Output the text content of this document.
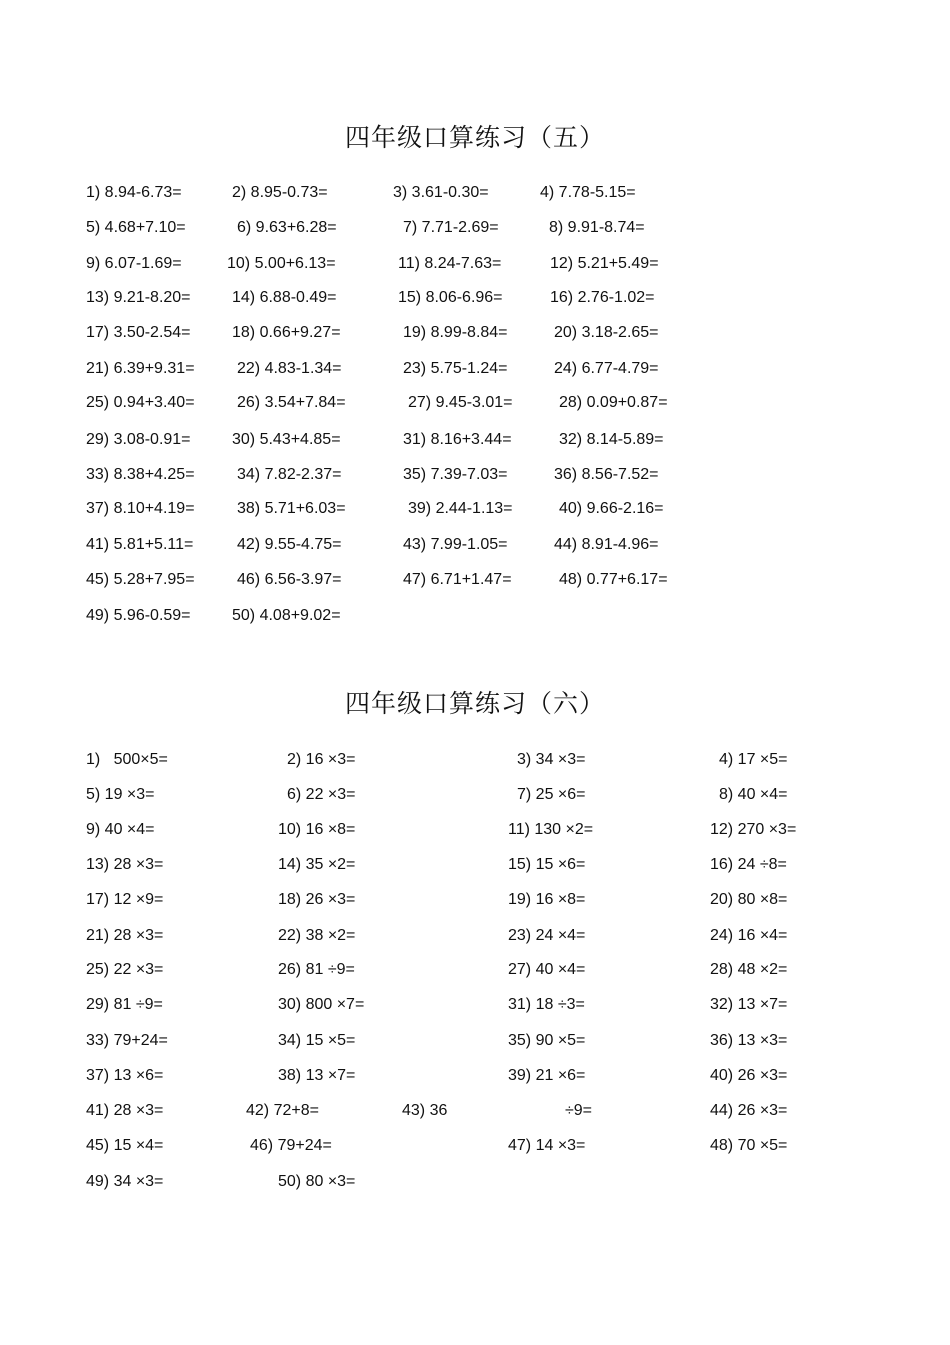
四年级口算练习（五）
1) 8.94-6.73=	2) 8.95-0.73=	3) 3.61-0.30=	4) 7.78-5.15=
5) 4.68+7.10=	6) 9.63+6.28=	7) 7.71-2.69=	8) 9.91-8.74=
9) 6.07-1.69=	10) 5.00+6.13=	11) 8.24-7.63=	12) 5.21+5.49=
13) 9.21-8.20=	14) 6.88-0.49=	15) 8.06-6.96=	16) 2.76-1.02=
17) 3.50-2.54=	18) 0.66+9.27=	19) 8.99-8.84=	20) 3.18-2.65=
21) 6.39+9.31=	22) 4.83-1.34=	23) 5.75-1.24=	24) 6.77-4.79=
25) 0.94+3.40=	26) 3.54+7.84=	27) 9.45-3.01=	28) 0.09+0.87=
29) 3.08-0.91=	30) 5.43+4.85=	31) 8.16+3.44=	32) 8.14-5.89=
33) 8.38+4.25=	34) 7.82-2.37=	35) 7.39-7.03=	36) 8.56-7.52=
37) 8.10+4.19=	38) 5.71+6.03=	39) 2.44-1.13=	40) 9.66-2.16=
41) 5.81+5.11=	42) 9.55-4.75=	43) 7.99-1.05=	44) 8.91-4.96=
45) 5.28+7.95=	46) 6.56-3.97=	47) 6.71+1.47=	48) 0.77+6.17=
49) 5.96-0.59=	50) 4.08+9.02=
四年级口算练习（六）
1)   500×5=	2) 16 ×3=	3) 34 ×3=	4) 17 ×5=
5) 19 ×3=	6) 22 ×3=	7) 25 ×6=	8) 40 ×4=
9) 40 ×4=	10) 16 ×8=	11) 130 ×2=	12) 270 ×3=
13) 28 ×3=	14) 35 ×2=	15) 15 ×6=	16) 24 ÷8=
17) 12 ×9=	18) 26 ×3=	19) 16 ×8=	20) 80 ×8=
21) 28 ×3=	22) 38 ×2=	23) 24 ×4=	24) 16 ×4=
25) 22 ×3=	26) 81 ÷9=	27) 40 ×4=	28) 48 ×2=
29) 81 ÷9=	30) 800 ×7=	31) 18 ÷3=	32) 13 ×7=
33) 79+24=	34) 15 ×5=	35) 90 ×5=	36) 13 ×3=
37) 13 ×6=	38) 13 ×7=	39) 21 ×6=	40) 26 ×3=
41) 28 ×3=	42) 72+8=	43) 36	÷9=	44) 26 ×3=
45) 15 ×4=	46) 79+24=	47) 14 ×3=	48) 70 ×5=
49) 34 ×3=	50) 80 ×3=
